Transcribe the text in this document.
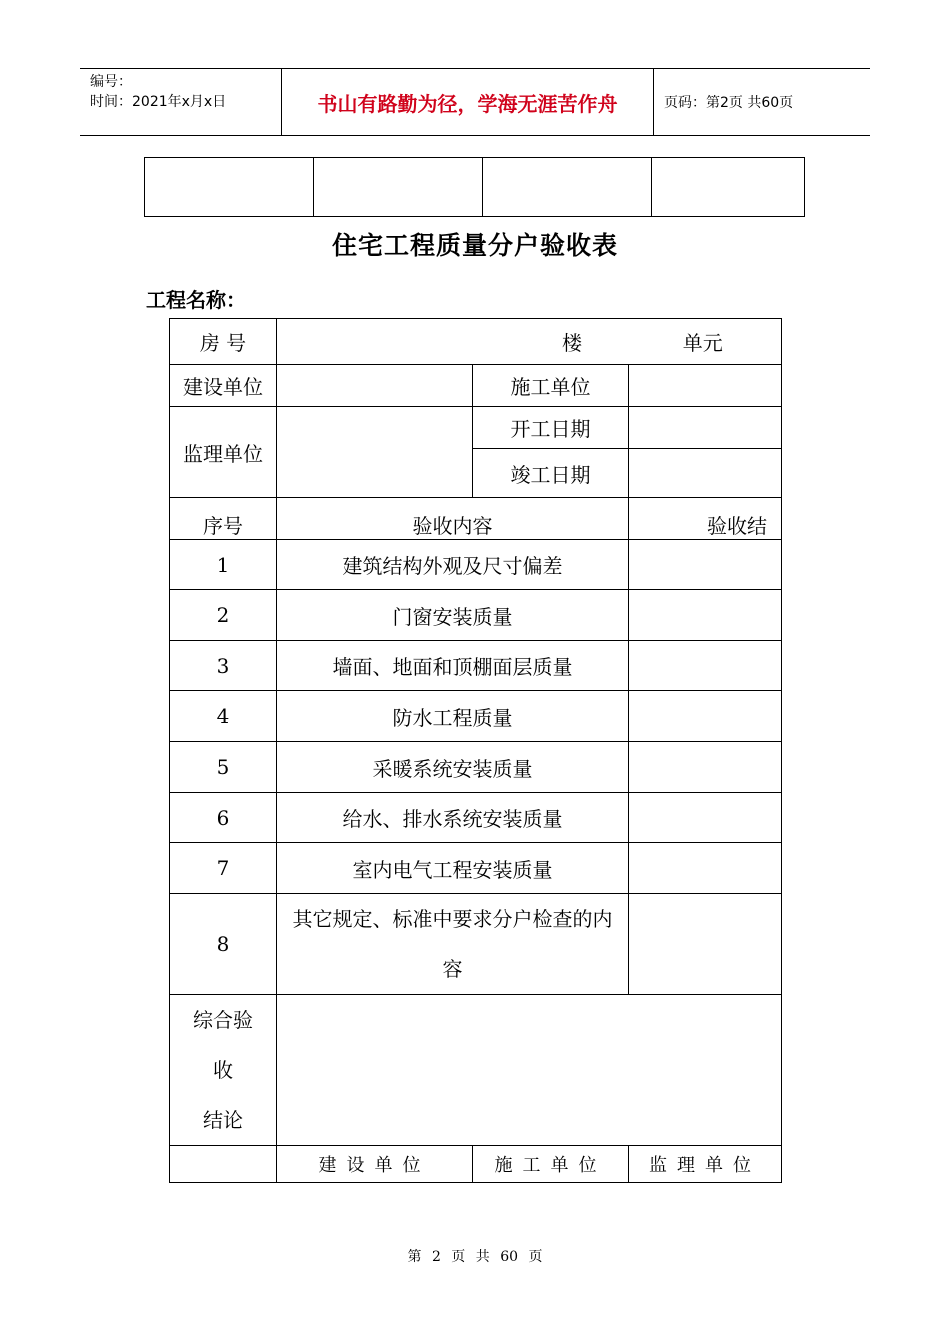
编号：
时间：2021年x月x日	书山有路勤为径，学海无涯苦作舟	页码：第2页 共60页

住宅工程质量分户验收表
工程名称：
房 号	楼 单元		
建设单位		施工单位	
监理单位		开工日期	
		竣工日期	
序号	验收内容		验收结
1	建筑结构外观及尺寸偏差		
2	门窗安装质量		
3	墙面、地面和顶棚面层质量		
4	防水工程质量		
5	采暖系统安装质量		
6	给水、排水系统安装质量		
7	室内电气工程安装质量		
8	其它规定、标准中要求分户检查的内
容		

综合验
收
结论			

	建设单位	施工单位	监理单位
第 2 页 共 60 页
